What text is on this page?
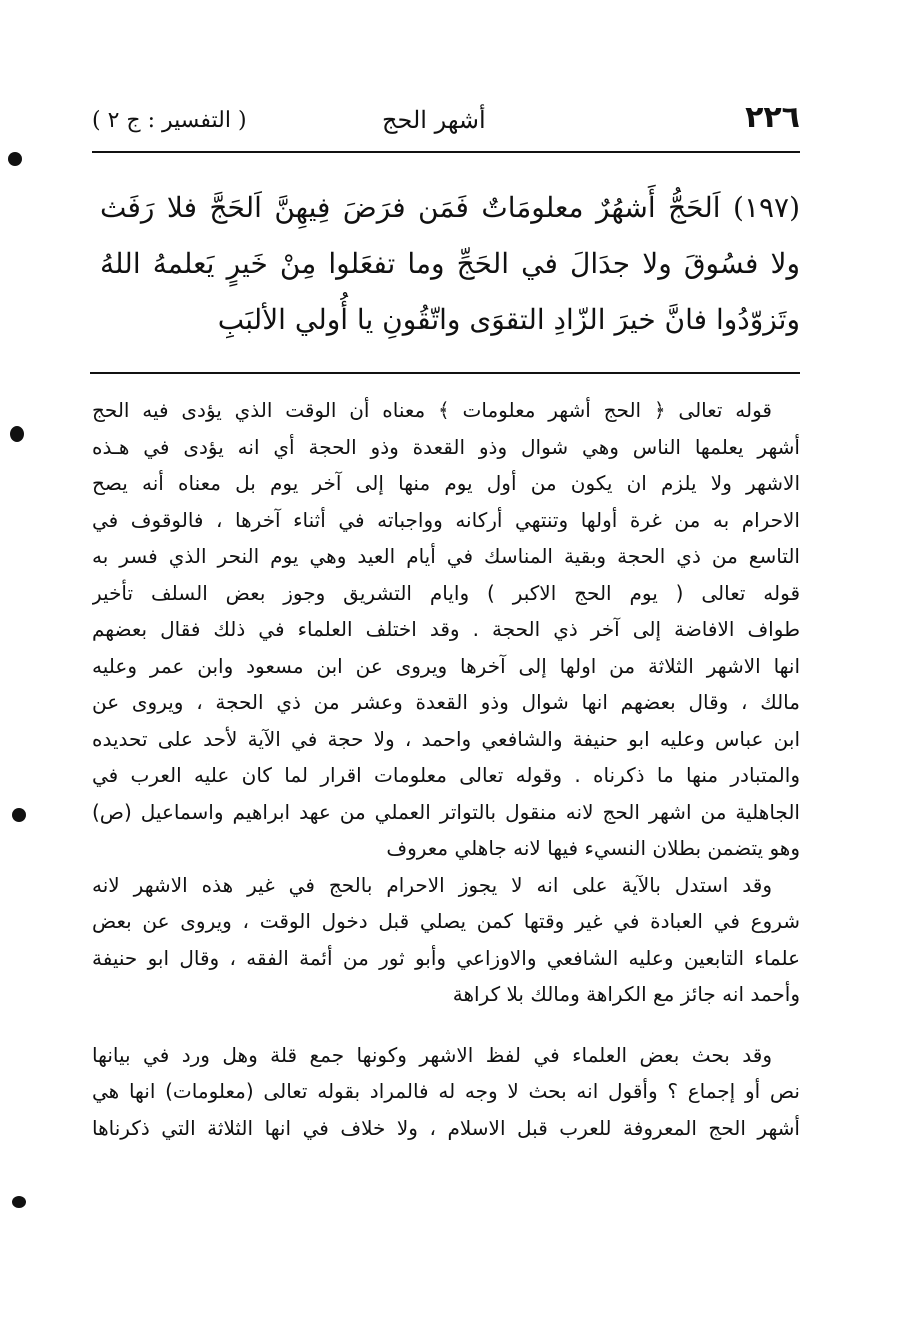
٢٢٦
أشهر الحج
( التفسير : ج ٢ )
(١٩٧) اَلحَجُّ أَشهُرٌ معلومَاتٌ فَمَن فرَضَ فِيهِنَّ اَلحَجَّ فلا رَفَث
ولا فسُوقَ ولا جدَالَ في الحَجِّ وما تفعَلوا مِنْ خَيرٍ يَعلمهُ اللهُ
وتَزوّدُوا فانَّ خيرَ الزّادِ التقوَى واتّقُونِ يا أُولي الألبَبِ
قوله تعالى ﴿ الحج أشهر معلومات ﴾ معناه أن الوقت الذي يؤدى فيه الحج
أشهر يعلمها الناس وهي شوال وذو القعدة وذو الحجة أي انه يؤدى في هـذه
الاشهر ولا يلزم ان يكون من أول يوم منها إلى آخر يوم بل معناه أنه يصح
الاحرام به من غرة أولها وتنتهي أركانه وواجباته في أثناء آخرها ، فالوقوف في
التاسع من ذي الحجة وبقية المناسك في أيام العيد وهي يوم النحر الذي فسر به
قوله تعالى ( يوم الحج الاكبر ) وايام التشريق وجوز بعض السلف تأخير
طواف الافاضة إلى آخر ذي الحجة . وقد اختلف العلماء في ذلك فقال بعضهم
انها الاشهر الثلاثة من اولها إلى آخرها ويروى عن ابن مسعود وابن عمر وعليه
مالك ، وقال بعضهم انها شوال وذو القعدة وعشر من ذي الحجة ، ويروى عن
ابن عباس وعليه ابو حنيفة والشافعي واحمد ، ولا حجة في الآية لأحد على تحديده
والمتبادر منها ما ذكرناه . وقوله تعالى معلومات اقرار لما كان عليه العرب في
الجاهلية من اشهر الحج لانه منقول بالتواتر العملي من عهد ابراهيم واسماعيل (ص)
وهو يتضمن بطلان النسيء فيها لانه جاهلي معروف
وقد استدل بالآية على انه لا يجوز الاحرام بالحج في غير هذه الاشهر لانه
شروع في العبادة في غير وقتها كمن يصلي قبل دخول الوقت ، ويروى عن بعض
علماء التابعين وعليه الشافعي والاوزاعي وأبو ثور من أئمة الفقه ، وقال ابو حنيفة
وأحمد انه جائز مع الكراهة ومالك بلا كراهة
وقد بحث بعض العلماء في لفظ الاشهر وكونها جمع قلة وهل ورد في بيانها
نص أو إجماع ؟ وأقول انه بحث لا وجه له فالمراد بقوله تعالى (معلومات) انها هي
أشهر الحج المعروفة للعرب قبل الاسلام ، ولا خلاف في انها الثلاثة التي ذكرناها
